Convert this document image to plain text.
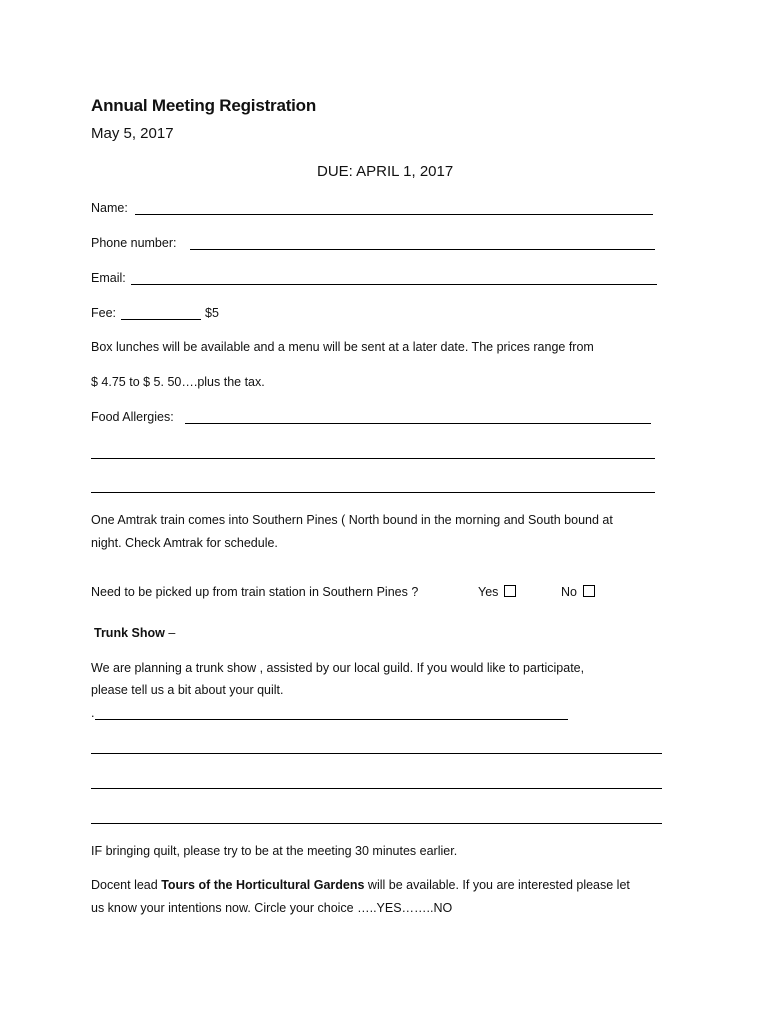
Annual Meeting Registration
May 5, 2017
DUE: APRIL 1, 2017
Name:
Phone number:
Email:
Fee:	$5
Box lunches will be available and a menu will be sent at a later date. The prices range from
$ 4.75 to $ 5. 50….plus the tax.
Food Allergies:
One Amtrak train comes into Southern Pines ( North bound in the morning and South bound at
night. Check Amtrak for schedule.
Need to be picked up from train station in Southern Pines ?	Yes	No
Trunk Show –
We are planning a trunk show , assisted by our local guild. If you would like to participate,
please tell us a bit about your quilt.
.
IF bringing quilt, please try to be at the meeting 30 minutes earlier.
Docent lead Tours of the Horticultural Gardens will be available. If you are interested please let
us know your intentions now. Circle your choice …..YES……..NO
